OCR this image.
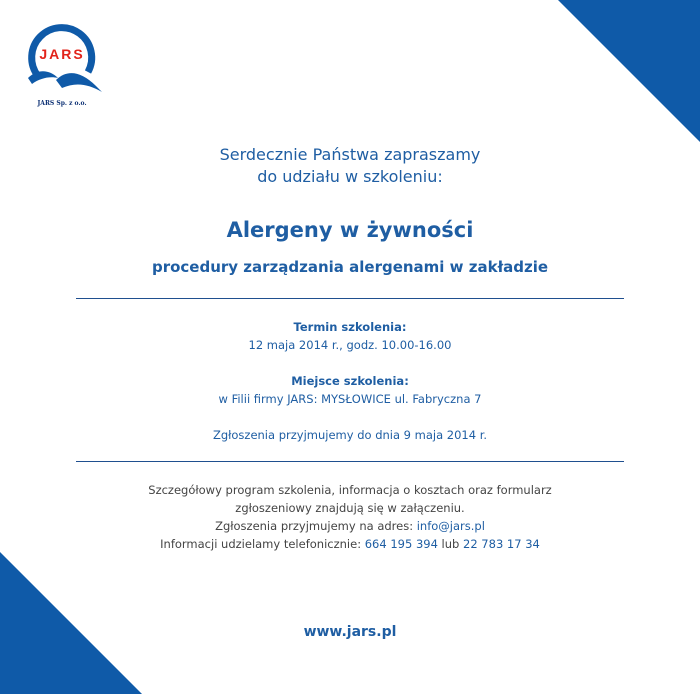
JARS
JARS Sp. z o.o.
Serdecznie Państwa zapraszamy
do udziału w szkoleniu:
Alergeny w żywności
procedury zarządzania alergenami w zakładzie
Termin szkolenia:
12 maja 2014 r., godz. 10.00-16.00
Miejsce szkolenia:
w Filii firmy JARS: MYSŁOWICE ul. Fabryczna 7
Zgłoszenia przyjmujemy do dnia 9 maja 2014 r.
Szczegółowy program szkolenia, informacja o kosztach oraz formularz
zgłoszeniowy znajdują się w załączeniu.
Zgłoszenia przyjmujemy na adres: info@jars.pl
Informacji udzielamy telefonicznie: 664 195 394 lub 22 783 17 34
www.jars.pl
